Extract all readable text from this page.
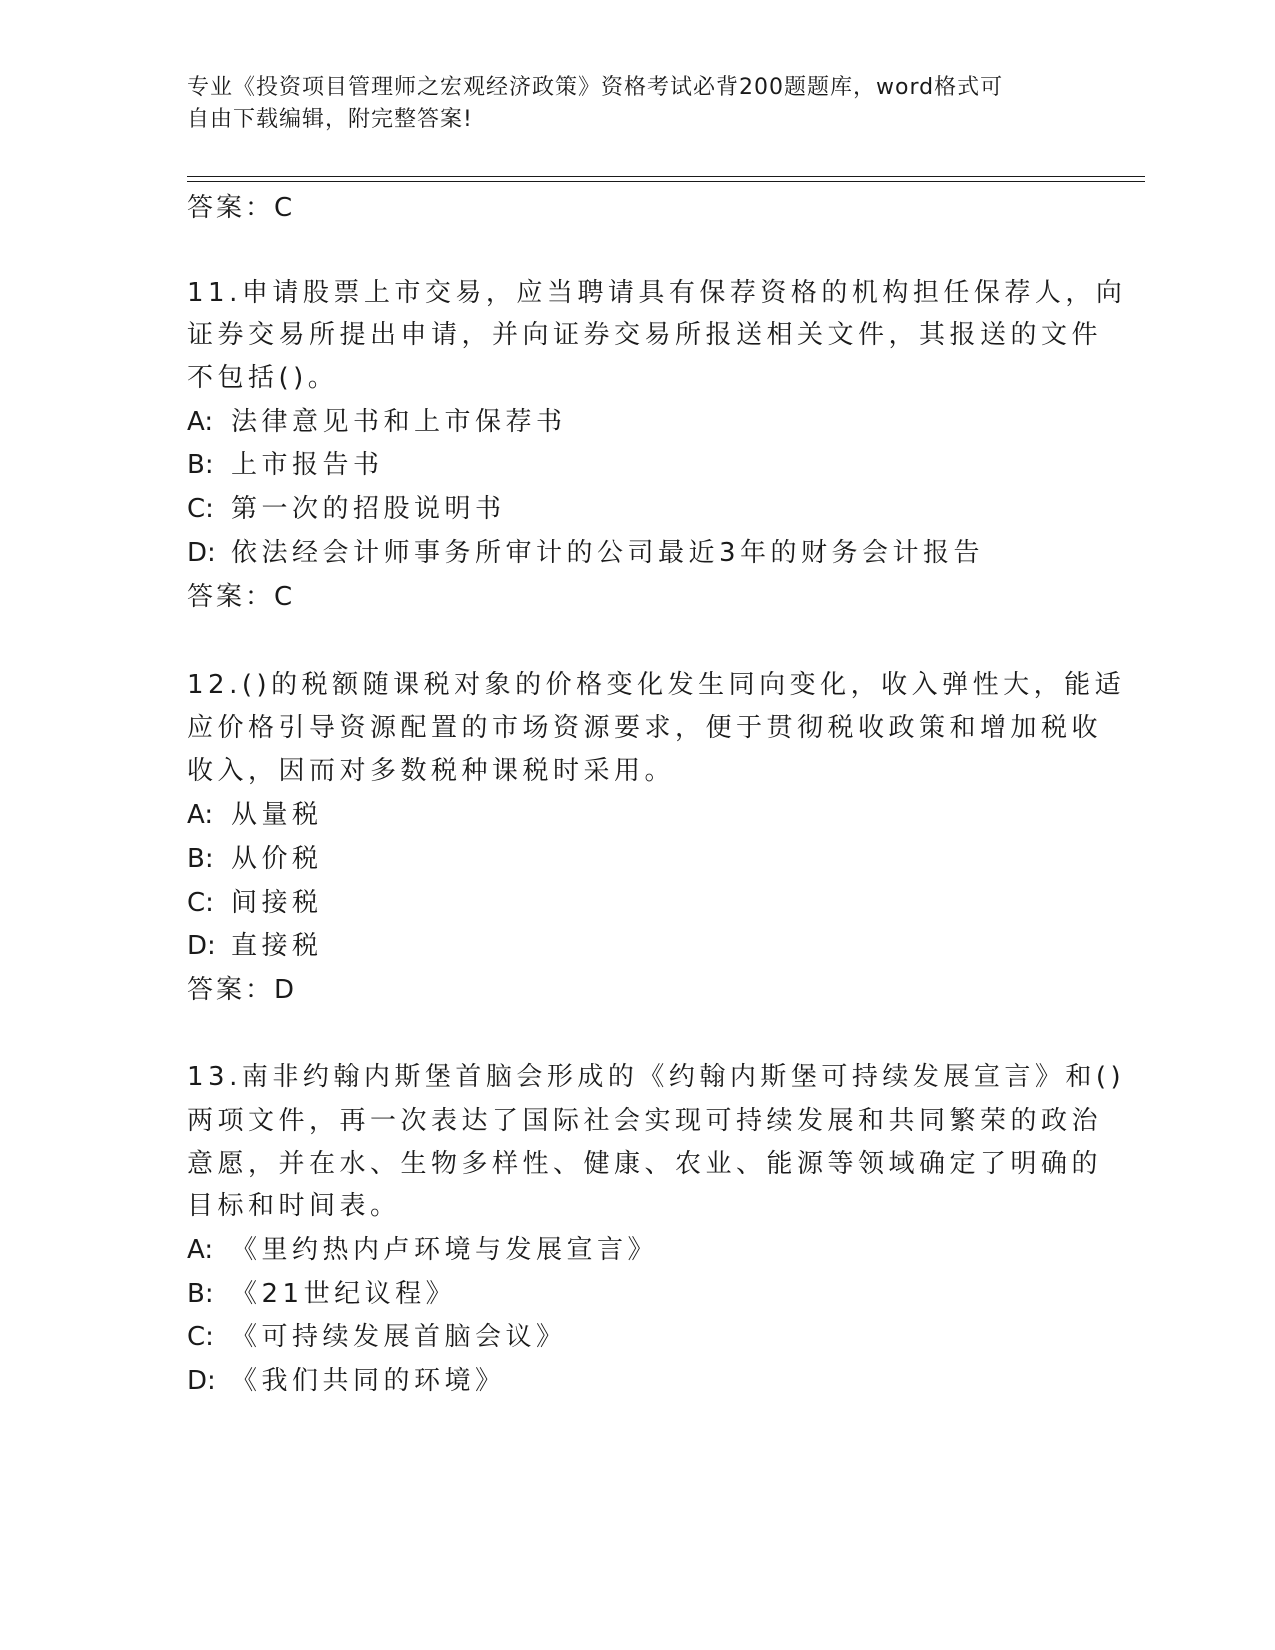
专业《投资项目管理师之宏观经济政策》资格考试必背200题题库，word格式可
自由下载编辑，附完整答案!
答案：C
11.申请股票上市交易，应当聘请具有保荐资格的机构担任保荐人，向
证券交易所提出申请，并向证券交易所报送相关文件，其报送的文件
不包括()。
A: 法律意见书和上市保荐书
B: 上市报告书
C: 第一次的招股说明书
D: 依法经会计师事务所审计的公司最近3年的财务会计报告
答案：C
12.()的税额随课税对象的价格变化发生同向变化，收入弹性大，能适
应价格引导资源配置的市场资源要求，便于贯彻税收政策和增加税收
收入，因而对多数税种课税时采用。
A: 从量税
B: 从价税
C: 间接税
D: 直接税
答案：D
13.南非约翰内斯堡首脑会形成的《约翰内斯堡可持续发展宣言》和()
两项文件，再一次表达了国际社会实现可持续发展和共同繁荣的政治
意愿，并在水、生物多样性、健康、农业、能源等领域确定了明确的
目标和时间表。
A: 《里约热内卢环境与发展宣言》
B: 《21世纪议程》
C: 《可持续发展首脑会议》
D: 《我们共同的环境》
